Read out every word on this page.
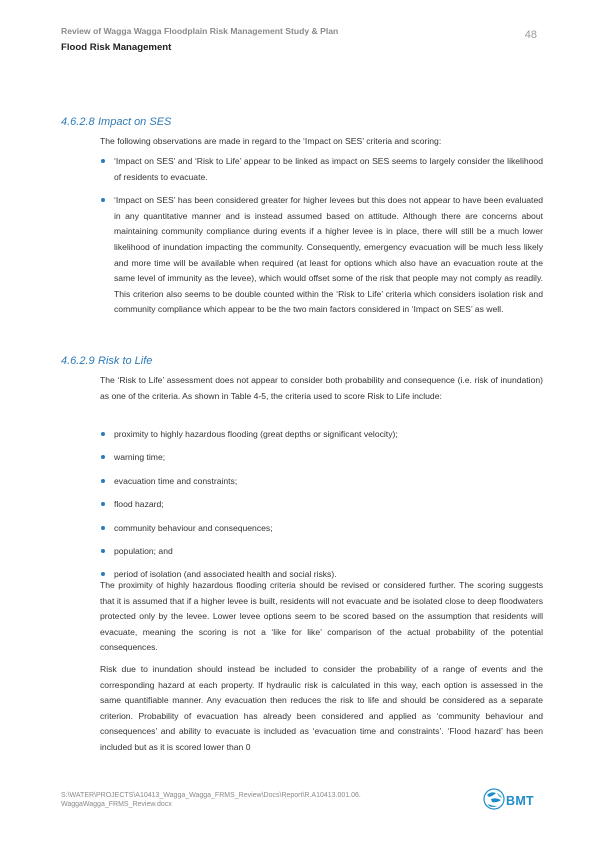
Review of Wagga Wagga Floodplain Risk Management Study & Plan
Flood Risk Management
48
4.6.2.8 Impact on SES

The following observations are made in regard to the ‘Impact on SES’ criteria and scoring:

‘Impact on SES’ and ‘Risk to Life’ appear to be linked as impact on SES seems to largely consider the likelihood of residents to evacuate.
‘Impact on SES’ has been considered greater for higher levees but this does not appear to have been evaluated in any quantitative manner and is instead assumed based on attitude. Although there are concerns about maintaining community compliance during events if a higher levee is in place, there will still be a much lower likelihood of inundation impacting the community. Consequently, emergency evacuation will be much less likely and more time will be available when required (at least for options which also have an evacuation route at the same level of immunity as the levee), which would offset some of the risk that people may not comply as readily. This criterion also seems to be double counted within the ‘Risk to Life’ criteria which considers isolation risk and community compliance which appear to be the two main factors considered in ‘Impact on SES’ as well.
4.6.2.9 Risk to Life

The ‘Risk to Life’ assessment does not appear to consider both probability and consequence (i.e. risk of inundation) as one of the criteria. As shown in Table 4-5, the criteria used to score Risk to Life include:

proximity to highly hazardous flooding (great depths or significant velocity);
warning time;
evacuation time and constraints;
flood hazard;
community behaviour and consequences;
population; and
period of isolation (and associated health and social risks).

The proximity of highly hazardous flooding criteria should be revised or considered further. The scoring suggests that it is assumed that if a higher levee is built, residents will not evacuate and be isolated close to deep floodwaters protected only by the levee. Lower levee options seem to be scored based on the assumption that residents will evacuate, meaning the scoring is not a ‘like for like’ comparison of the actual probability of the potential consequences.

Risk due to inundation should instead be included to consider the probability of a range of events and the corresponding hazard at each property. If hydraulic risk is calculated in this way, each option is assessed in the same quantifiable manner. Any evacuation then reduces the risk to life and should be considered as a separate criterion. Probability of evacuation has already been considered and applied as ‘community behaviour and consequences’ and ability to evacuate is included as ‘evacuation time and constraints’. ‘Flood hazard’ has been included but as it is scored lower than 0

S:\WATER\PROJECTS\A10413_Wagga_Wagga_FRMS_Review\Docs\Report\R.A10413.001.06.
WaggaWagga_FRMS_Review.docx	BMT
